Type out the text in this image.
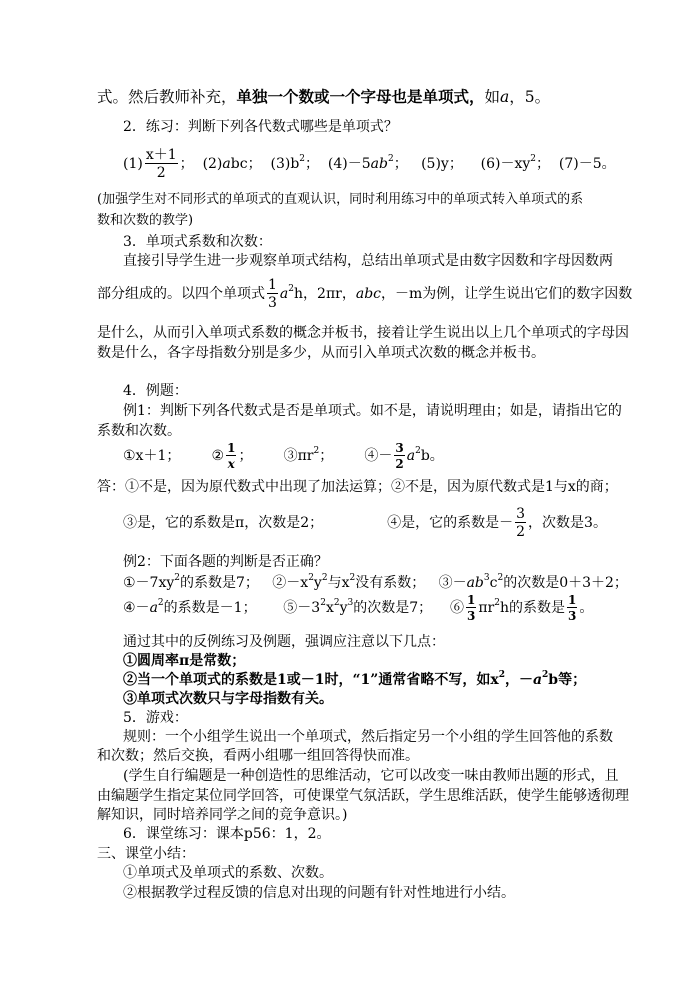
式。然后教师补充，单独一个数或一个字母也是单项式，如a，5。
2．练习：判断下列各代数式哪些是单项式？
$(1) \frac{x+1}{2}$ ； (2)abc； $(3)b^2$； $(4)-5ab^2$； (5)y； $(6)-xy^2$； (7)－5。
(加强学生对不同形式的单项式的直观认识，同时利用练习中的单项式转入单项式的系
数和次数的教学)
3．单项式系数和次数：
直接引导学生进一步观察单项式结构，总结出单项式是由数字因数和字母因数两
部分组成的。以四个单项式 $\frac{1}{3} a^2h$，2πr，abc，－m为例，让学生说出它们的数字因数
是什么，从而引入单项式系数的概念并板书，接着让学生说出以上几个单项式的字母因
数是什么，各字母指数分别是多少，从而引入单项式次数的概念并板书。
4．例题：
例1：判断下列各代数式是否是单项式。如不是，请说明理由；如是，请指出它的
系数和次数。
①x＋1； ② $\frac{1}{x}$ ； $③\pi r^2$； ④－ $\frac{3}{2} a^2b$。
答：①不是，因为原代数式中出现了加法运算；②不是，因为原代数式是1与x的商；
③是，它的系数是π，次数是2；	④是，它的系数是－ $\frac{3}{2}$ ，次数是3。
例2：下面各题的判断是否正确？
$①-7xy^2$的系数是7； $②-x^2y^2$与$x^2$没有系数； $③-ab^3c^2$的次数是0＋3＋2；
$④-a^2$的系数是－1； $⑤-3^2x^2y^3$的次数是7； ⑥ $\frac{1}{3} \pi r^2h$的系数是 $\frac{1}{3}$ 。
通过其中的反例练习及例题，强调应注意以下几点：
①圆周率π是常数；
②当一个单项式的系数是1或－1时，“1”通常省略不写，如$x^2$，$-a^2b$等；
③单项式次数只与字母指数有关。
5．游戏：
规则：一个小组学生说出一个单项式，然后指定另一个小组的学生回答他的系数
和次数；然后交换，看两小组哪一组回答得快而准。
(学生自行编题是一种创造性的思维活动，它可以改变一味由教师出题的形式，且
由编题学生指定某位同学回答，可使课堂气氛活跃，学生思维活跃，使学生能够透彻理
解知识，同时培养同学之间的竞争意识。)
6．课堂练习：课本p56：1，2。
三、课堂小结：
①单项式及单项式的系数、次数。
②根据教学过程反馈的信息对出现的问题有针对性地进行小结。
